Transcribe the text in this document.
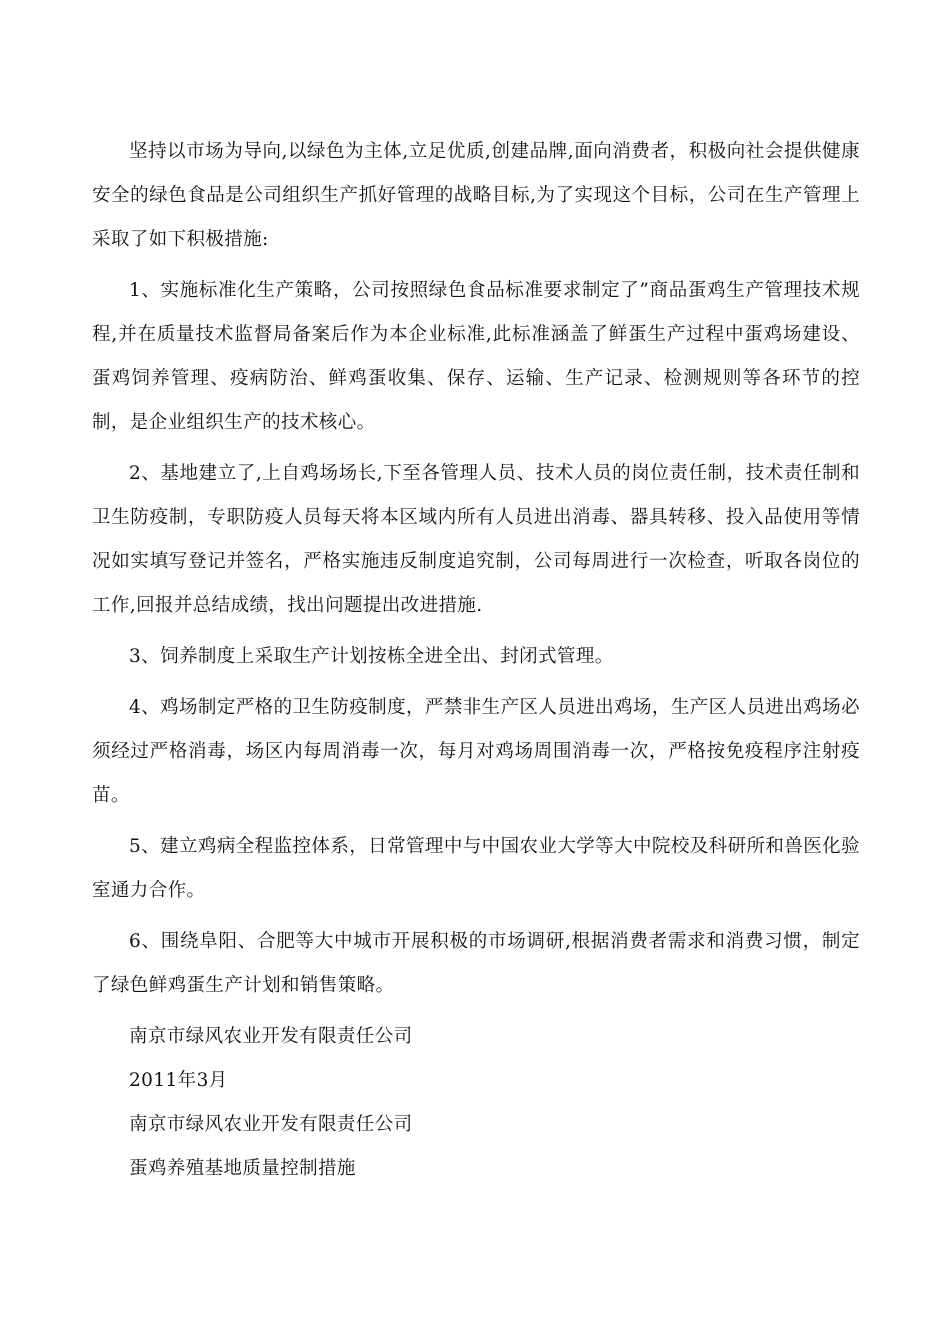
坚持以市场为导向,以绿色为主体,立足优质,创建品牌,面向消费者，积极向社会提供健康安全的绿色食品是公司组织生产抓好管理的战略目标,为了实现这个目标，公司在生产管理上采取了如下积极措施:

1、实施标准化生产策略，公司按照绿色食品标准要求制定了”商品蛋鸡生产管理技术规程,并在质量技术监督局备案后作为本企业标准,此标准涵盖了鲜蛋生产过程中蛋鸡场建设、蛋鸡饲养管理、疫病防治、鲜鸡蛋收集、保存、运输、生产记录、检测规则等各环节的控制，是企业组织生产的技术核心。

2、基地建立了,上自鸡场场长,下至各管理人员、技术人员的岗位责任制，技术责任制和卫生防疫制，专职防疫人员每天将本区域内所有人员进出消毒、器具转移、投入品使用等情况如实填写登记并签名，严格实施违反制度追究制，公司每周进行一次检查，听取各岗位的工作,回报并总结成绩，找出问题提出改进措施.

3、饲养制度上采取生产计划按栋全进全出、封闭式管理。

4、鸡场制定严格的卫生防疫制度，严禁非生产区人员进出鸡场，生产区人员进出鸡场必须经过严格消毒，场区内每周消毒一次，每月对鸡场周围消毒一次，严格按免疫程序注射疫苗。

5、建立鸡病全程监控体系，日常管理中与中国农业大学等大中院校及科研所和兽医化验室通力合作。

6、围绕阜阳、合肥等大中城市开展积极的市场调研,根据消费者需求和消费习惯，制定了绿色鲜鸡蛋生产计划和销售策略。

南京市绿风农业开发有限责任公司

2011年3月

南京市绿风农业开发有限责任公司

蛋鸡养殖基地质量控制措施
